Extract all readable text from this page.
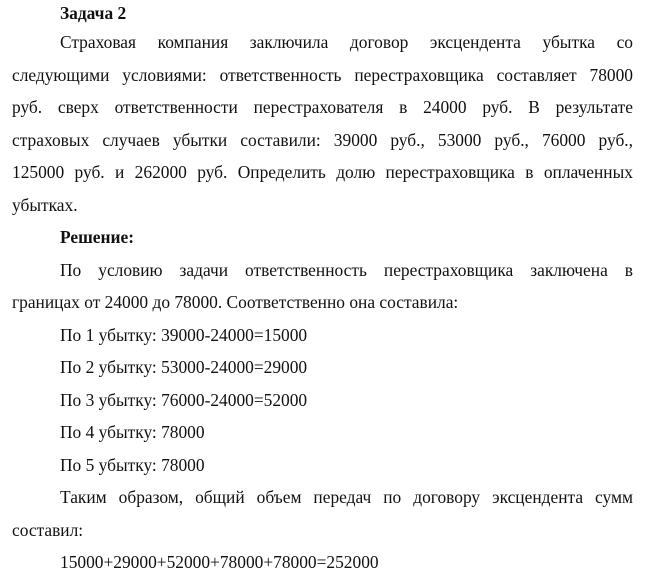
Задача 2
Страховая компания заключила договор эксцендента убытка со
следующими условиями: ответственность перестраховщика составляет 78000
руб. сверх ответственности перестрахователя в 24000 руб. В результате
страховых случаев убытки составили: 39000 руб., 53000 руб., 76000 руб.,
125000 руб. и 262000 руб. Определить долю перестраховщика в оплаченных
убытках.
Решение:
По условию задачи ответственность перестраховщика заключена в
границах от 24000 до 78000. Соответственно она составила:
По 1 убытку: 39000-24000=15000
По 2 убытку: 53000-24000=29000
По 3 убытку: 76000-24000=52000
По 4 убытку: 78000
По 5 убытку: 78000
Таким образом, общий объем передач по договору эксцендента сумм
составил:
15000+29000+52000+78000+78000=252000
